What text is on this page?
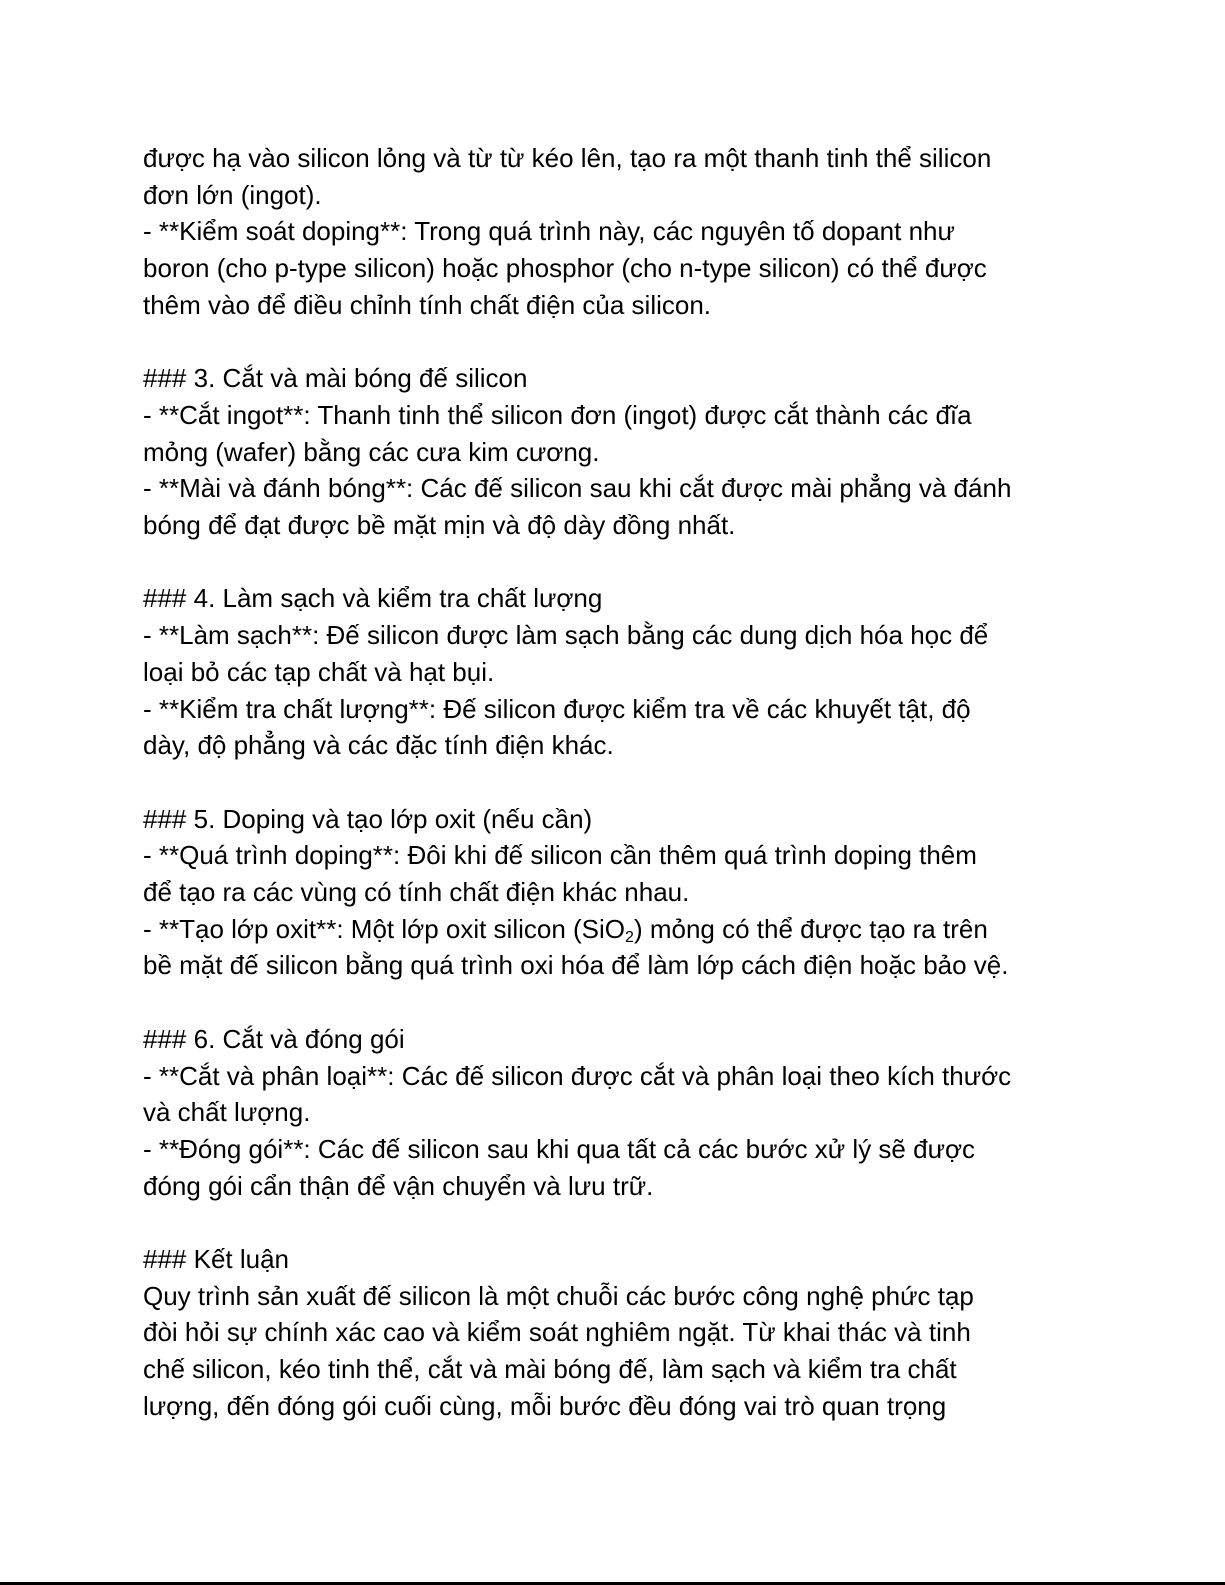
được hạ vào silicon lỏng và từ từ kéo lên, tạo ra một thanh tinh thể silicon
đơn lớn (ingot).
- **Kiểm soát doping**: Trong quá trình này, các nguyên tố dopant như
boron (cho p-type silicon) hoặc phosphor (cho n-type silicon) có thể được
thêm vào để điều chỉnh tính chất điện của silicon.
### 3. Cắt và mài bóng đế silicon
- **Cắt ingot**: Thanh tinh thể silicon đơn (ingot) được cắt thành các đĩa
mỏng (wafer) bằng các cưa kim cương.
- **Mài và đánh bóng**: Các đế silicon sau khi cắt được mài phẳng và đánh
bóng để đạt được bề mặt mịn và độ dày đồng nhất.
### 4. Làm sạch và kiểm tra chất lượng
- **Làm sạch**: Đế silicon được làm sạch bằng các dung dịch hóa học để
loại bỏ các tạp chất và hạt bụi.
- **Kiểm tra chất lượng**: Đế silicon được kiểm tra về các khuyết tật, độ
dày, độ phẳng và các đặc tính điện khác.
### 5. Doping và tạo lớp oxit (nếu cần)
- **Quá trình doping**: Đôi khi đế silicon cần thêm quá trình doping thêm
để tạo ra các vùng có tính chất điện khác nhau.
- **Tạo lớp oxit**: Một lớp oxit silicon (SiO$_2$) mỏng có thể được tạo ra trên
bề mặt đế silicon bằng quá trình oxi hóa để làm lớp cách điện hoặc bảo vệ.
### 6. Cắt và đóng gói
- **Cắt và phân loại**: Các đế silicon được cắt và phân loại theo kích thước
và chất lượng.
- **Đóng gói**: Các đế silicon sau khi qua tất cả các bước xử lý sẽ được
đóng gói cẩn thận để vận chuyển và lưu trữ.
### Kết luận
Quy trình sản xuất đế silicon là một chuỗi các bước công nghệ phức tạp
đòi hỏi sự chính xác cao và kiểm soát nghiêm ngặt. Từ khai thác và tinh
chế silicon, kéo tinh thể, cắt và mài bóng đế, làm sạch và kiểm tra chất
lượng, đến đóng gói cuối cùng, mỗi bước đều đóng vai trò quan trọng
